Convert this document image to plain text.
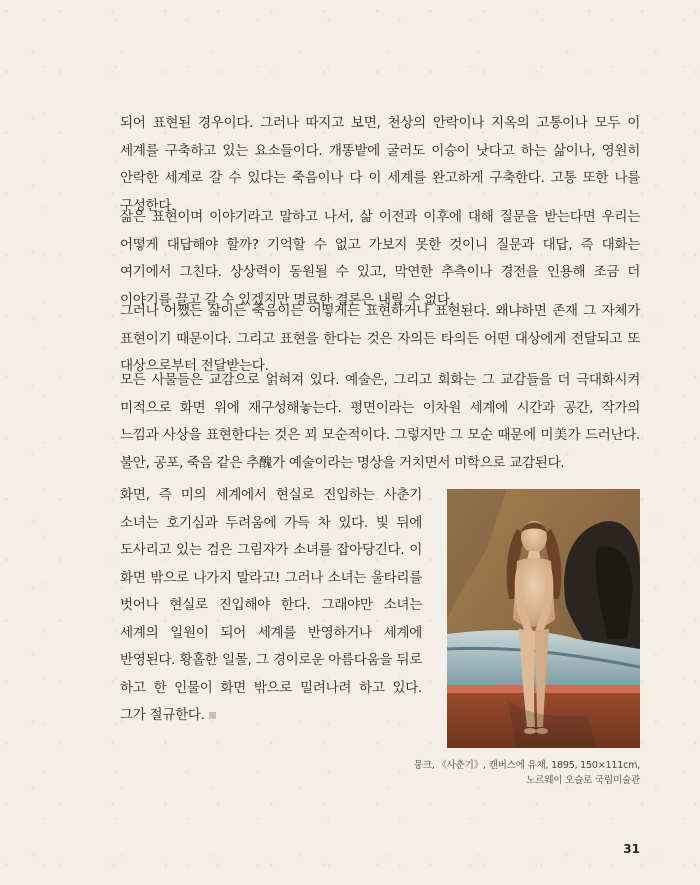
되어 표현된 경우이다. 그러나 따지고 보면, 천상의 안락이나 지옥의 고통이나 모두 이 세계를 구축하고 있는 요소들이다. 개똥밭에 굴러도 이승이 낫다고 하는 삶이나, 영원히 안락한 세계로 갈 수 있다는 죽음이나 다 이 세계를 완고하게 구축한다. 고통 또한 나를 구성한다.

삶은 표현이며 이야기라고 말하고 나서, 삶 이전과 이후에 대해 질문을 받는다면 우리는 어떻게 대답해야 할까? 기억할 수 없고 가보지 못한 것이니 질문과 대답, 즉 대화는 여기에서 그친다. 상상력이 동원될 수 있고, 막연한 추측이나 경전을 인용해 조금 더 이야기를 끌고 갈 수 있겠지만 명료한 결론은 내릴 수 없다.

그러나 어쨌든 삶이든 죽음이든 어떻게든 표현하거나 표현된다. 왜냐하면 존재 그 자체가 표현이기 때문이다. 그리고 표현을 한다는 것은 자의든 타의든 어떤 대상에게 전달되고 또 대상으로부터 전달받는다.

모든 사물들은 교감으로 얽혀져 있다. 예술은, 그리고 회화는 그 교감들을 더 극대화시켜 미적으로 화면 위에 재구성해놓는다. 평면이라는 이차원 세계에 시간과 공간, 작가의 느낌과 사상을 표현한다는 것은 꾀 모순적이다. 그렇지만 그 모순 때문에 미美가 드러난다. 불안, 공포, 죽음 같은 추醜가 예술이라는 명상을 거치면서 미학으로 교감된다.

화면, 즉 미의 세계에서 현실로 진입하는 사춘기 소녀는 호기심과 두려움에 가득 차 있다. 빛 뒤에 도사리고 있는 검은 그림자가 소녀를 잡아당긴다. 이 화면 밖으로 나가지 말라고! 그러나 소녀는 울타리를 벗어나 현실로 진입해야 한다. 그래야만 소녀는 세계의 일원이 되어 세계를 반영하거나 세계에 반영된다. 황홀한 일몰, 그 경이로운 아름다움을 뒤로 하고 한 인물이 화면 밖으로 밀려나려 하고 있다. 그가 절규한다.

뭉크, 《사춘기》, 캔버스에 유채, 1895, 150×111cm,
노르웨이 오슬로 국립미술관
31
